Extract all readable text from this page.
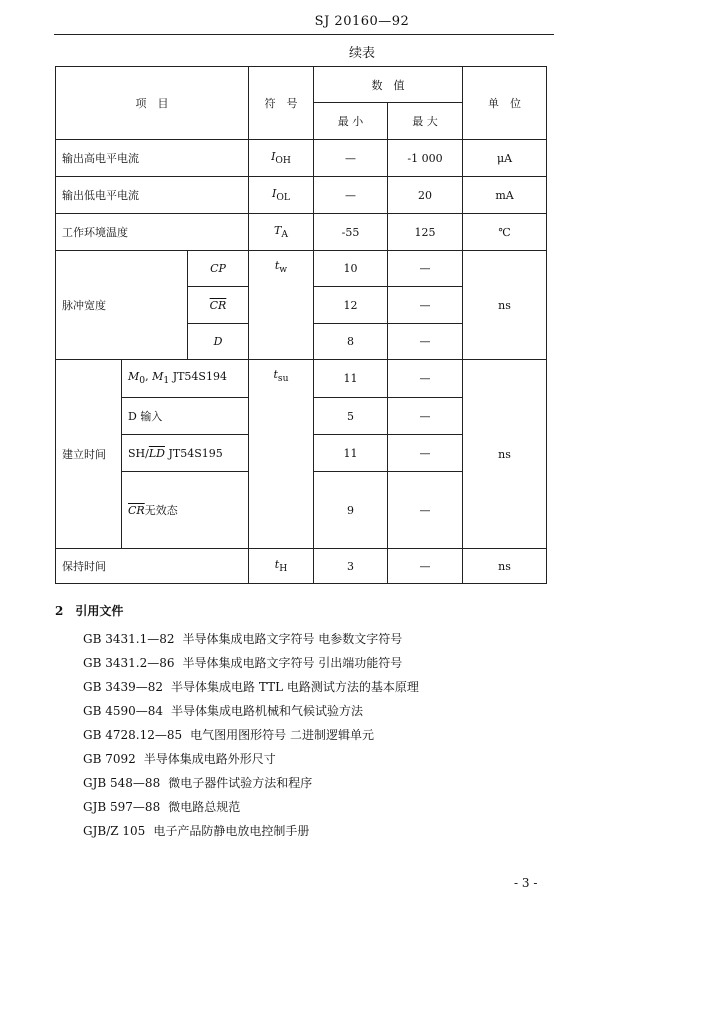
SJ 20160—92
续表
项　目			符　号	数　值		单　位
				最 小	最 大	
输出高电平电流			$I_{OH}$	—	-1 000	μA
输出低电平电流			$I_{OL}$	—	20	mA
工作环境温度			$T_A$	-55	125	℃
脉冲宽度		CP	$t_w$	10	—	ns
		$\overline{CR}$		12	—	
		D		8	—	
建立时间	$M_0$, $M_1$ JT54S194		$t_{su}$	11	—	ns
	D 输入			5	—	
	$SH/\overline{LD}$ JT54S195			11	—	
	$\overline{CR}$无效态			9	—	
保持时间			$t_H$	3	—	ns
2　引用文件
GB 3431.1—82 半导体集成电路文字符号 电参数文字符号
GB 3431.2—86 半导体集成电路文字符号 引出端功能符号
GB 3439—82 半导体集成电路 TTL 电路测试方法的基本原理
GB 4590—84 半导体集成电路机械和气候试验方法
GB 4728.12—85 电气图用图形符号 二进制逻辑单元
GB 7092 半导体集成电路外形尺寸
GJB 548—88 微电子器件试验方法和程序
GJB 597—88 微电路总规范
GJB/Z 105 电子产品防静电放电控制手册
- 3 -
